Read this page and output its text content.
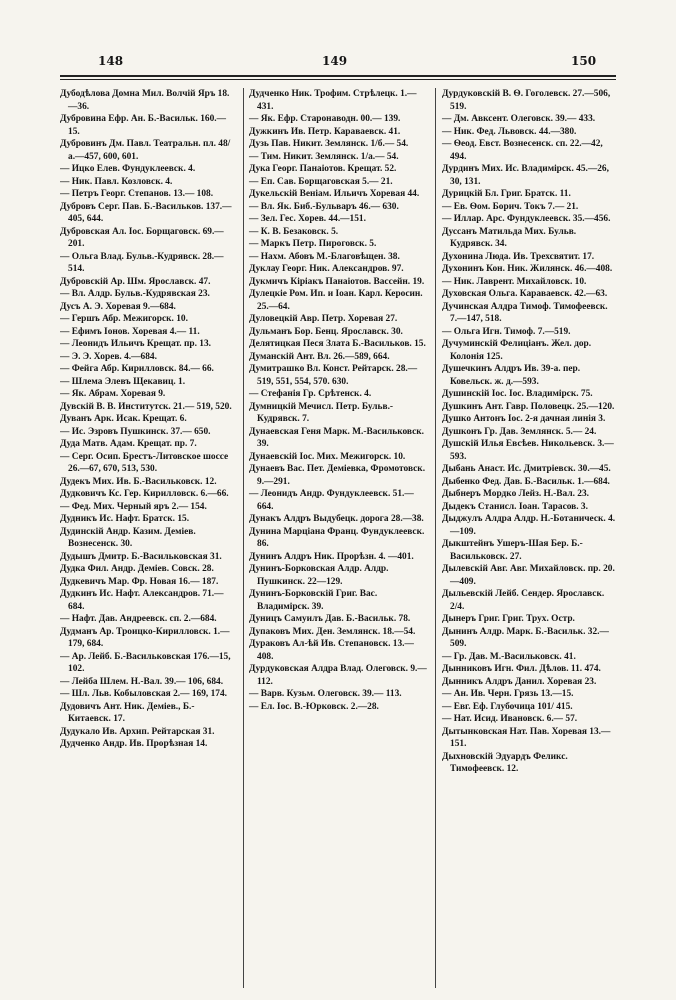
148	149	150

Дубодѣлова Домна Мил. Волчій Яръ 18.—36.

Дубровина Ефр. Ан. Б.-Васильк. 160.—15.

Дубровинъ Дм. Павл. Театральн. пл. 48/а.—457, 600, 601.

— Ицко Елев. Фундуклеевск. 4.

— Ник. Павл. Козловск. 4.

— Петръ Георг. Степанов. 13.— 108.

Дубровъ Серг. Пав. Б.-Васильков. 137.—405, 644.

Дубровская Ал. Іос. Борщаговск. 69.—201.

— Ольга Влад. Бульв.-Кудрявск. 28.—514.

Дубровскій Ар. Шм. Ярославск. 47.

— Вл. Алдр. Бульв.-Кудрявская 23.

Дусъ А. Э. Хоревая 9.—684.

— Гершъ Абр. Межигорск. 10.

— Ефимъ Іонов. Хоревая 4.— 11.

— Леонидъ Ильичъ Крещат. пр. 13.

— Э. Э. Хорев. 4.—684.

— Фейга Абр. Кирилловск. 84.— 66.

— Шлема Элевъ Щекавиц. 1.

— Як. Абрам. Хоревая 9.

Дувскій В. В. Институтск. 21.— 519, 520.

Дуванъ Арк. Исак. Крещат. 6.

— Ис. Эзровъ Пушкинск. 37.— 650.

Дуда Матв. Адам. Крещат. пр. 7.

— Серг. Осип. Брестъ-Литовское шоссе 26.—67, 670, 513, 530.

Дудекъ Мих. Ив. Б.-Васильковск. 12.

Дудковичъ Кс. Гер. Кирилловск. 6.—66.

— Фед. Мих. Черный яръ 2.— 154.

Дудникъ Ис. Нафт. Братск. 15.

Дудинскій Андр. Казим. Деміев. Вознесенск. 30.

Дудышъ Дмитр. Б.-Васильковская 31.

Дудка Фил. Андр. Деміев. Совск. 28.

Дудкевичъ Мар. Фр. Новая 16.— 187.

Дудкинъ Ис. Нафт. Александров. 71.—684.

— Нафт. Дав. Андреевск. сп. 2.—684.

Дудманъ Ар. Троицко-Кирилловск. 1.—179, 684.

— Ар. Лейб. Б.-Васильковская 176.—15, 102.

— Лейба Шлем. Н.-Вал. 39.— 106, 684.

— Шл. Льв. Кобыловская 2.— 169, 174.

Дудовичъ Ант. Ник. Деміев., Б.-Китаевск. 17.

Дудукало Ив. Архип. Рейтарская 31.

Дудченко Андр. Ив. Прорѣзная 14.

Дудченко Ник. Трофим. Стрѣлецк. 1.—431.

— Як. Ефр. Старонаводн. 00.— 139.

Дужкинъ Ив. Петр. Караваевск. 41.

Дузь Пав. Никит. Землянск. 1/б.— 54.

— Тим. Никит. Землянск. 1/а.— 54.

Дука Георг. Панаіотов. Крещат. 52.

— Еп. Сав. Борщаговская 5.— 21.

Дукельскій Веніам. Ильичъ Хоревая 44.

— Вл. Як. Биб.-Бульваръ 46.— 630.

— Зел. Гес. Хорев. 44.—151.

— К. В. Безаковск. 5.

— Маркъ Петр. Пироговск. 5.

— Нахм. Абовъ М.-Благовѣщен. 38.

Дуклау Георг. Ник. Александров. 97.

Дукмичъ Кіріакъ Панаіотов. Вассейн. 19.

Дулецкіе Ром. Ип. и Іоан. Карл. Керосин. 25.—64.

Дуловецкій Авр. Петр. Хоревая 27.

Дульманъ Бор. Бенц. Ярославск. 30.

Делятицкая Песя Злата Б.-Васильков. 15.

Думанскій Ант. Вл. 26.—589, 664.

Думитрашко Вл. Конст. Рейтарск. 28.—519, 551, 554, 570. 630.

— Стефанія Гр. Срѣтенск. 4.

Думницкій Мечисл. Петр. Бульв.-Кудрявск. 7.

Дунаевская Геня Марк. М.-Васильковск. 39.

Дунаевскій Іос. Мих. Межигорск. 10.

Дунаевъ Вас. Пет. Деміевка, Фромотовск. 9.—291.

— Леонидъ Андр. Фундуклеевск. 51.—664.

Дунакъ Алдръ Выдубецк. дорога 28.—38.

Дунина Марціана Франц. Фундуклеевск. 86.

Дунинъ Алдръ Ник. Прорѣзн. 4. —401.

Дунинъ-Борковская Алдр. Алдр. Пушкинск. 22—129.

Дунинъ-Борковскій Григ. Вас. Владимірск. 39.

Дуницъ Самуилъ Дав. Б.-Васильк. 78.

Дупаковъ Мих. Ден. Землянск. 18.—54.

Дураковъ Ал-ѣй Ив. Степановск. 13.—408.

Дурдуковская Алдра Влад. Олеговск. 9.—112.

— Варв. Кузьм. Олеговск. 39.— 113.

— Ел. Іос. В.-Юрковск. 2.—28.

Дурдуковскій В. Ѳ. Гоголевск. 27.—506, 519.

— Дм. Авксент. Олеговск. 39.— 433.

— Ник. Фед. Львовск. 44.—380.

— Ѳеод. Евст. Вознесенск. сп. 22.—42, 494.

Дурдинъ Мих. Ис. Владимірск. 45.—26, 30, 131.

Дурицкій Бл. Григ. Братск. 11.

— Ев. Ѳом. Борич. Токъ 7.— 21.

— Иллар. Арс. Фундуклеевск. 35.—456.

Дуссанъ Матильда Мих. Бульв. Кудрявск. 34.

Духонина Люда. Ив. Трехсвятит. 17.

Духонинъ Кон. Ник. Жилянск. 46.—408.

— Ник. Лаврент. Михайловск. 10.

Духовская Ольга. Караваевск. 42.—63.

Дучинская Алдра Тимоф. Тимофеевск. 7.—147, 518.

— Ольга Игн. Тимоф. 7.—519.

Дучуминскій Фелиціанъ. Жел. дор. Колонія 125.

Душечкинъ Алдръ Ив. 39-а. пер. Ковельск. ж. д.—593.

Душинскій Іос. Іос. Владимірск. 75.

Душкинъ Ант. Гавр. Половецк. 25.—120.

Душко Антонъ Іос. 2-я дачная линія 3.

Душконъ Гр. Дав. Землянск. 5.— 24.

Душскій Илья Евсѣев. Никольевск. 3.—593.

Дыбань Анаст. Ис. Дмитріевск. 30.—45.

Дыбенко Фед. Дав. Б.-Васильк. 1.—684.

Дыбнеръ Мордко Лейз. Н.-Вал. 23.

Дыдекъ Станисл. Іоан. Тарасов. 3.

Дыджулъ Алдра Алдр. Н.-Ботаническ. 4.—109.

Дыкштейнъ Ушеръ-Шая Бер. Б.-Васильковск. 27.

Дылевскій Авг. Авг. Михайловск. пр. 20.—409.

Дыльевскій Лейб. Сендер. Ярославск. 2/4.

Дынеръ Григ. Григ. Трух. Остр.

Дынинъ Алдр. Марк. Б.-Васильк. 32.—509.

— Гр. Дав. М.-Васильковск. 41.

Дынниковъ Игн. Фил. Дѣлов. 11. 474.

Дынникъ Алдръ Данил. Хоревая 23.

— Ан. Ив. Черн. Грязь 13.—15.

— Евг. Еф. Глубочица 101/ 415.

— Нат. Исид. Ивановск. 6.— 57.

Дытынковская Нат. Пав. Хоревая 13.—151.

Дыхновскій Эдуардъ Феликс. Тимофеевск. 12.
